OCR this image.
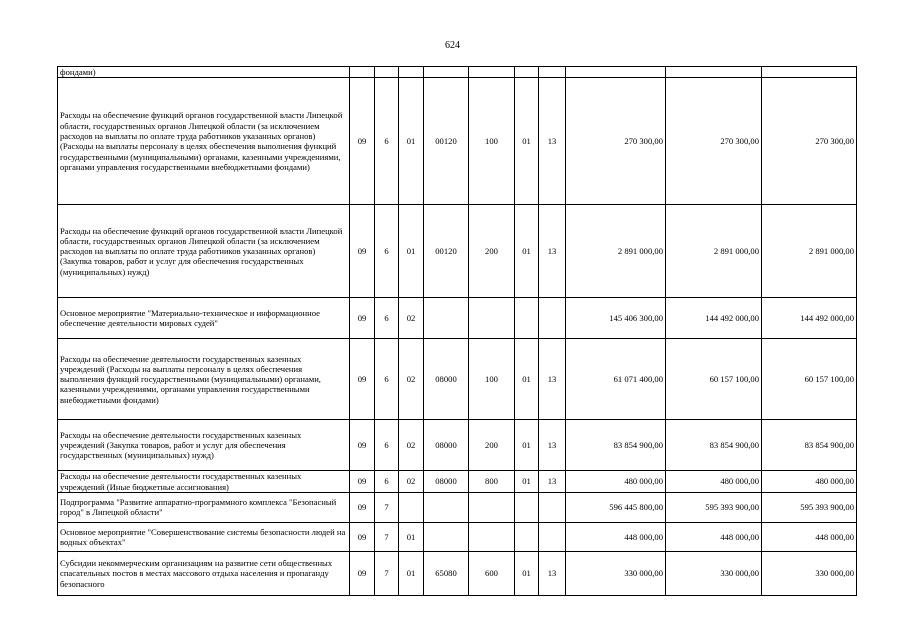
624
фондами)										
Расходы на обеспечение функций органов государственной власти Липецкой области, государственных органов Липецкой области (за исключением расходов на выплаты по оплате труда работников указанных органов) (Расходы на выплаты персоналу в целях обеспечения выполнения функций государственными (муниципальными) органами, казенными учреждениями, органами управления государственными внебюджетными фондами)	09	6	01	00120	100	01	13	270 300,00	270 300,00	270 300,00
Расходы на обеспечение функций органов государственной власти Липецкой области, государственных органов Липецкой области (за исключением расходов на выплаты по оплате труда работников указанных органов) (Закупка товаров, работ и услуг для обеспечения государственных (муниципальных) нужд)	09	6	01	00120	200	01	13	2 891 000,00	2 891 000,00	2 891 000,00
Основное мероприятие "Материально-техническое и информационное обеспечение деятельности мировых судей"	09	6	02					145 406 300,00	144 492 000,00	144 492 000,00
Расходы на обеспечение деятельности государственных казенных учреждений (Расходы на выплаты персоналу в целях обеспечения выполнения функций государственными (муниципальными) органами, казенными учреждениями, органами управления государственными внебюджетными фондами)	09	6	02	08000	100	01	13	61 071 400,00	60 157 100,00	60 157 100,00
Расходы на обеспечение деятельности государственных казенных учреждений (Закупка товаров, работ и услуг для обеспечения государственных (муниципальных) нужд)	09	6	02	08000	200	01	13	83 854 900,00	83 854 900,00	83 854 900,00
Расходы на обеспечение деятельности государственных казенных учреждений (Иные бюджетные ассигнования)	09	6	02	08000	800	01	13	480 000,00	480 000,00	480 000,00
Подпрограмма "Развитие аппаратно-программного комплекса "Безопасный город" в Липецкой области"	09	7						596 445 800,00	595 393 900,00	595 393 900,00
Основное мероприятие "Совершенствование системы безопасности людей на водных объектах"	09	7	01					448 000,00	448 000,00	448 000,00
Субсидии некоммерческим организациям на развитие сети общественных спасательных постов в местах массового отдыха населения и пропаганду безопасного	09	7	01	65080	600	01	13	330 000,00	330 000,00	330 000,00
